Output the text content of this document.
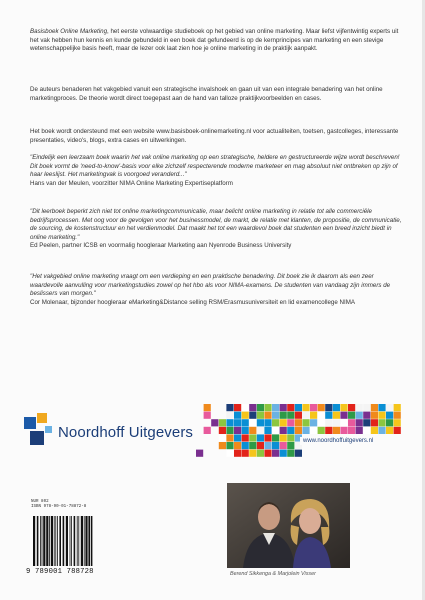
Basisboek Online Marketing, het eerste volwaardige studieboek op het gebied van online marketing. Maar liefst vijfentwintig experts uit het vak hebben hun kennis en kunde gebundeld in een boek dat gefundeerd is op de kernprincipes van marketing en een stevige wetenschappelijke basis heeft, maar de lezer ook laat zien hoe je online marketing in de praktijk aanpakt.
De auteurs benaderen het vakgebied vanuit een strategische invalshoek en gaan uit van een integrale benadering van het online marketingproces. De theorie wordt direct toegepast aan de hand van talloze praktijkvoorbeelden en cases.
Het boek wordt ondersteund met een website www.basisboek-onlinemarketing.nl voor actualiteiten, toetsen, gastcolleges, interessante presentaties, video's, blogs, extra cases en uitwerkingen.
"Eindelijk een leerzaam boek waarin het vak online marketing op een strategische, heldere en gestructureerde wijze wordt beschreven! Dit boek vormt de 'need-to-know'-basis voor elke zichzelf respecterende moderne marketeer en mag absoluut niet ontbreken op zijn of haar leeslijst. Het marketingvak is voorgoed veranderd..."
Hans van der Meulen, voorzitter NIMA Online Marketing Expertiseplatform
"Dit leerboek beperkt zich niet tot online marketingcommunicatie, maar belicht online marketing in relatie tot alle commerciële bedrijfsprocessen. Met oog voor de gevolgen voor het businessmodel, de markt, de relatie met klanten, de propositie, de communicatie, de sourcing, de kostenstructuur en het verdienmodel. Dat maakt het tot een waardevol boek dat studenten een breed inzicht biedt in online marketing."
Ed Peelen, partner ICSB en voormalig hoogleraar Marketing aan Nyenrode Business University
"Het vakgebied online marketing vraagt om een verdieping en een praktische benadering. Dit boek zie ik daarom als een zeer waardevolle aanvulling voor marketingstudies zowel op het hbo als voor NIMA-examens. De studenten van vandaag zijn immers de beslissers van morgen."
Cor Molenaar, bijzonder hoogleraar eMarketing&Distance selling RSM/Erasmusuniversiteit en lid examencollege NIMA
Noordhoff Uitgevers	www.noordhoffuitgevers.nl
NUR 802
ISBN 978-90-01-78872-8
9 789001 788728	Berend Sikkenga & Marjolein Visser
